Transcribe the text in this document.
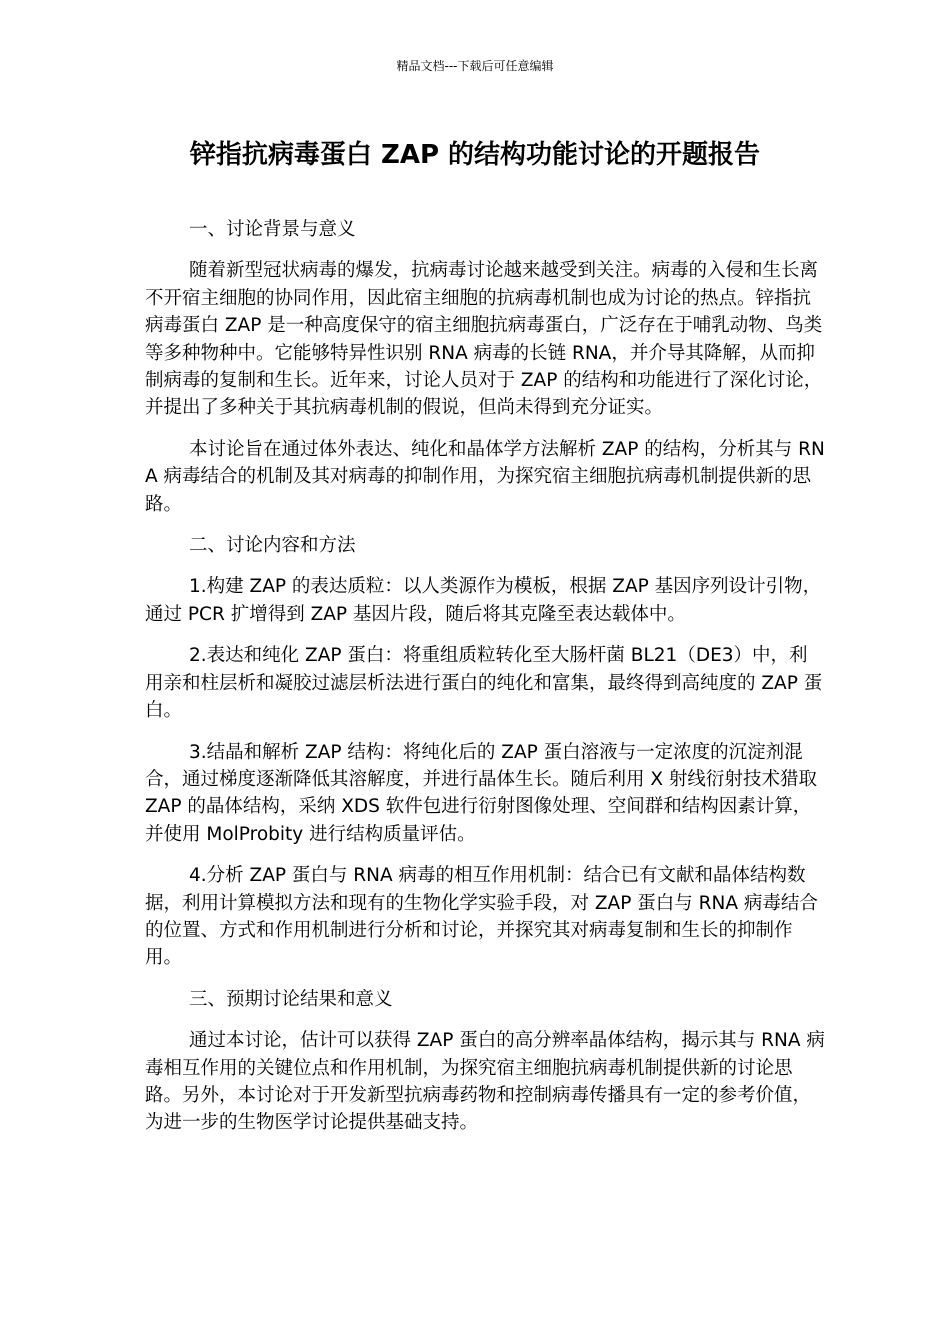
精品文档---下载后可任意编辑
锌指抗病毒蛋白 ZAP 的结构功能讨论的开题报告
一、讨论背景与意义

随着新型冠状病毒的爆发，抗病毒讨论越来越受到关注。病毒的入侵和生长离不开宿主细胞的协同作用，因此宿主细胞的抗病毒机制也成为讨论的热点。锌指抗病毒蛋白 ZAP 是一种高度保守的宿主细胞抗病毒蛋白，广泛存在于哺乳动物、鸟类等多种物种中。它能够特异性识别 RNA 病毒的长链 RNA，并介导其降解，从而抑制病毒的复制和生长。近年来，讨论人员对于 ZAP 的结构和功能进行了深化讨论，并提出了多种关于其抗病毒机制的假说，但尚未得到充分证实。

本讨论旨在通过体外表达、纯化和晶体学方法解析 ZAP 的结构，分析其与 RNA 病毒结合的机制及其对病毒的抑制作用，为探究宿主细胞抗病毒机制提供新的思路。

二、讨论内容和方法

1.构建 ZAP 的表达质粒：以人类源作为模板，根据 ZAP 基因序列设计引物，通过 PCR 扩增得到 ZAP 基因片段，随后将其克隆至表达载体中。

2.表达和纯化 ZAP 蛋白：将重组质粒转化至大肠杆菌 BL21（DE3）中，利用亲和柱层析和凝胶过滤层析法进行蛋白的纯化和富集，最终得到高纯度的 ZAP 蛋白。

3.结晶和解析 ZAP 结构：将纯化后的 ZAP 蛋白溶液与一定浓度的沉淀剂混合，通过梯度逐渐降低其溶解度，并进行晶体生长。随后利用 X 射线衍射技术猎取 ZAP 的晶体结构，采纳 XDS 软件包进行衍射图像处理、空间群和结构因素计算，并使用 MolProbity 进行结构质量评估。

4.分析 ZAP 蛋白与 RNA 病毒的相互作用机制：结合已有文献和晶体结构数据，利用计算模拟方法和现有的生物化学实验手段，对 ZAP 蛋白与 RNA 病毒结合的位置、方式和作用机制进行分析和讨论，并探究其对病毒复制和生长的抑制作用。

三、预期讨论结果和意义

通过本讨论，估计可以获得 ZAP 蛋白的高分辨率晶体结构，揭示其与 RNA 病毒相互作用的关键位点和作用机制，为探究宿主细胞抗病毒机制提供新的讨论思路。另外，本讨论对于开发新型抗病毒药物和控制病毒传播具有一定的参考价值，为进一步的生物医学讨论提供基础支持。
